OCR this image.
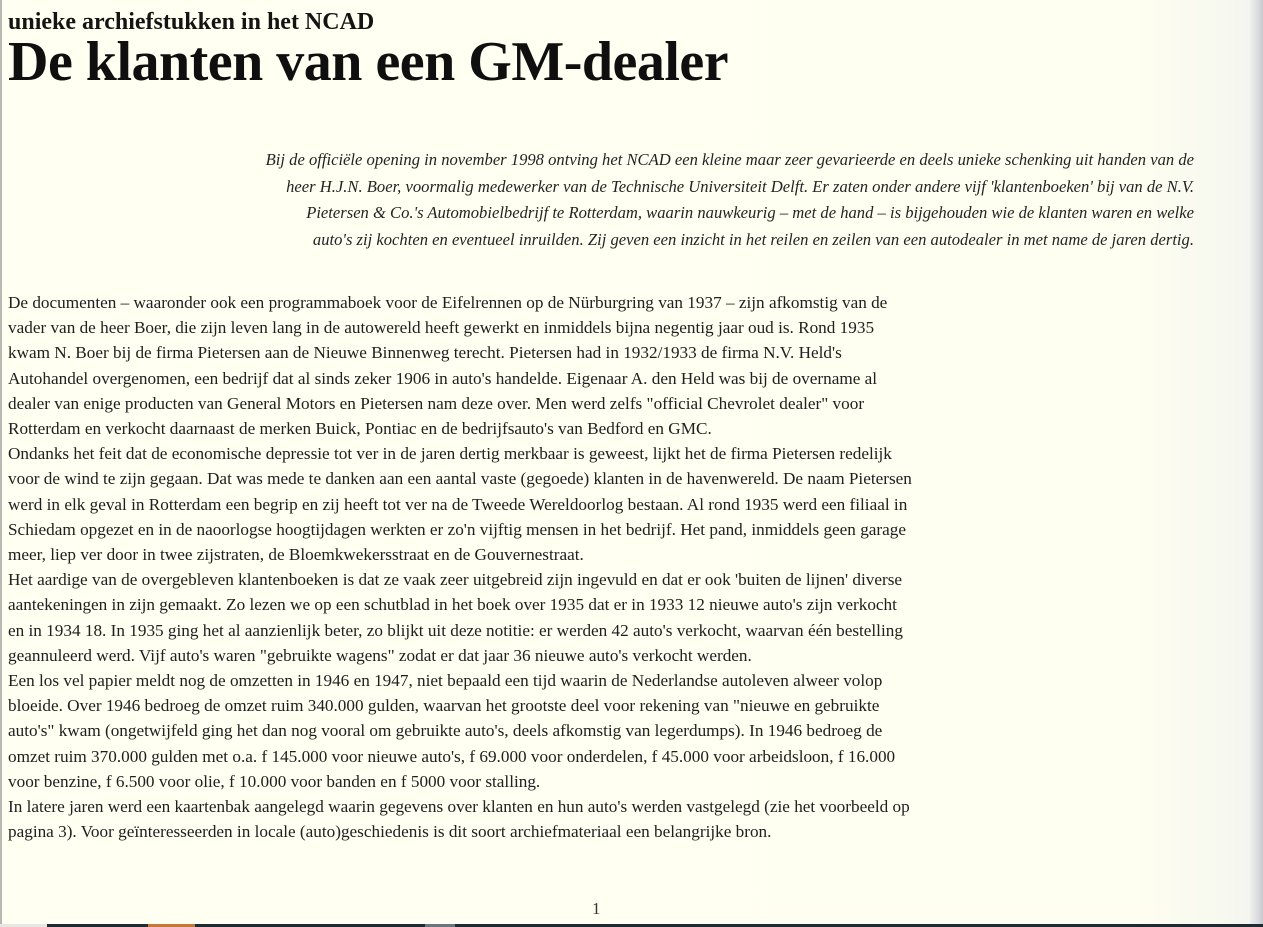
unieke archiefstukken in het NCAD
De klanten van een GM-dealer
Bij de officiële opening in november 1998 ontving het NCAD een kleine maar zeer gevarieerde en deels unieke schenking uit handen van de
heer H.J.N. Boer, voormalig medewerker van de Technische Universiteit Delft. Er zaten onder andere vijf 'klantenboeken' bij van de N.V.
Pietersen & Co.'s Automobielbedrijf te Rotterdam, waarin nauwkeurig – met de hand – is bijgehouden wie de klanten waren en welke
auto's zij kochten en eventueel inruilden. Zij geven een inzicht in het reilen en zeilen van een autodealer in met name de jaren dertig.
De documenten – waaronder ook een programmaboek voor de Eifelrennen op de Nürburgring van 1937 – zijn afkomstig van de
vader van de heer Boer, die zijn leven lang in de autowereld heeft gewerkt en inmiddels bijna negentig jaar oud is. Rond 1935
kwam N. Boer bij de firma Pietersen aan de Nieuwe Binnenweg terecht. Pietersen had in 1932/1933 de firma N.V. Held's
Autohandel overgenomen, een bedrijf dat al sinds zeker 1906 in auto's handelde. Eigenaar A. den Held was bij de overname al
dealer van enige producten van General Motors en Pietersen nam deze over. Men werd zelfs "official Chevrolet dealer" voor
Rotterdam en verkocht daarnaast de merken Buick, Pontiac en de bedrijfsauto's van Bedford en GMC.
Ondanks het feit dat de economische depressie tot ver in de jaren dertig merkbaar is geweest, lijkt het de firma Pietersen redelijk
voor de wind te zijn gegaan. Dat was mede te danken aan een aantal vaste (gegoede) klanten in de havenwereld. De naam Pietersen
werd in elk geval in Rotterdam een begrip en zij heeft tot ver na de Tweede Wereldoorlog bestaan. Al rond 1935 werd een filiaal in
Schiedam opgezet en in de naoorlogse hoogtijdagen werkten er zo'n vijftig mensen in het bedrijf. Het pand, inmiddels geen garage
meer, liep ver door in twee zijstraten, de Bloemkwekersstraat en de Gouvernestraat.
Het aardige van de overgebleven klantenboeken is dat ze vaak zeer uitgebreid zijn ingevuld en dat er ook 'buiten de lijnen' diverse
aantekeningen in zijn gemaakt. Zo lezen we op een schutblad in het boek over 1935 dat er in 1933 12 nieuwe auto's zijn verkocht
en in 1934 18. In 1935 ging het al aanzienlijk beter, zo blijkt uit deze notitie: er werden 42 auto's verkocht, waarvan één bestelling
geannuleerd werd. Vijf auto's waren "gebruikte wagens" zodat er dat jaar 36 nieuwe auto's verkocht werden.
Een los vel papier meldt nog de omzetten in 1946 en 1947, niet bepaald een tijd waarin de Nederlandse autoleven alweer volop
bloeide. Over 1946 bedroeg de omzet ruim 340.000 gulden, waarvan het grootste deel voor rekening van "nieuwe en gebruikte
auto's" kwam (ongetwijfeld ging het dan nog vooral om gebruikte auto's, deels afkomstig van legerdumps). In 1946 bedroeg de
omzet ruim 370.000 gulden met o.a. f 145.000 voor nieuwe auto's, f 69.000 voor onderdelen, f 45.000 voor arbeidsloon, f 16.000
voor benzine, f 6.500 voor olie, f 10.000 voor banden en f 5000 voor stalling.
In latere jaren werd een kaartenbak aangelegd waarin gegevens over klanten en hun auto's werden vastgelegd (zie het voorbeeld op
pagina 3). Voor geïnteresseerden in locale (auto)geschiedenis is dit soort archiefmateriaal een belangrijke bron.
1
